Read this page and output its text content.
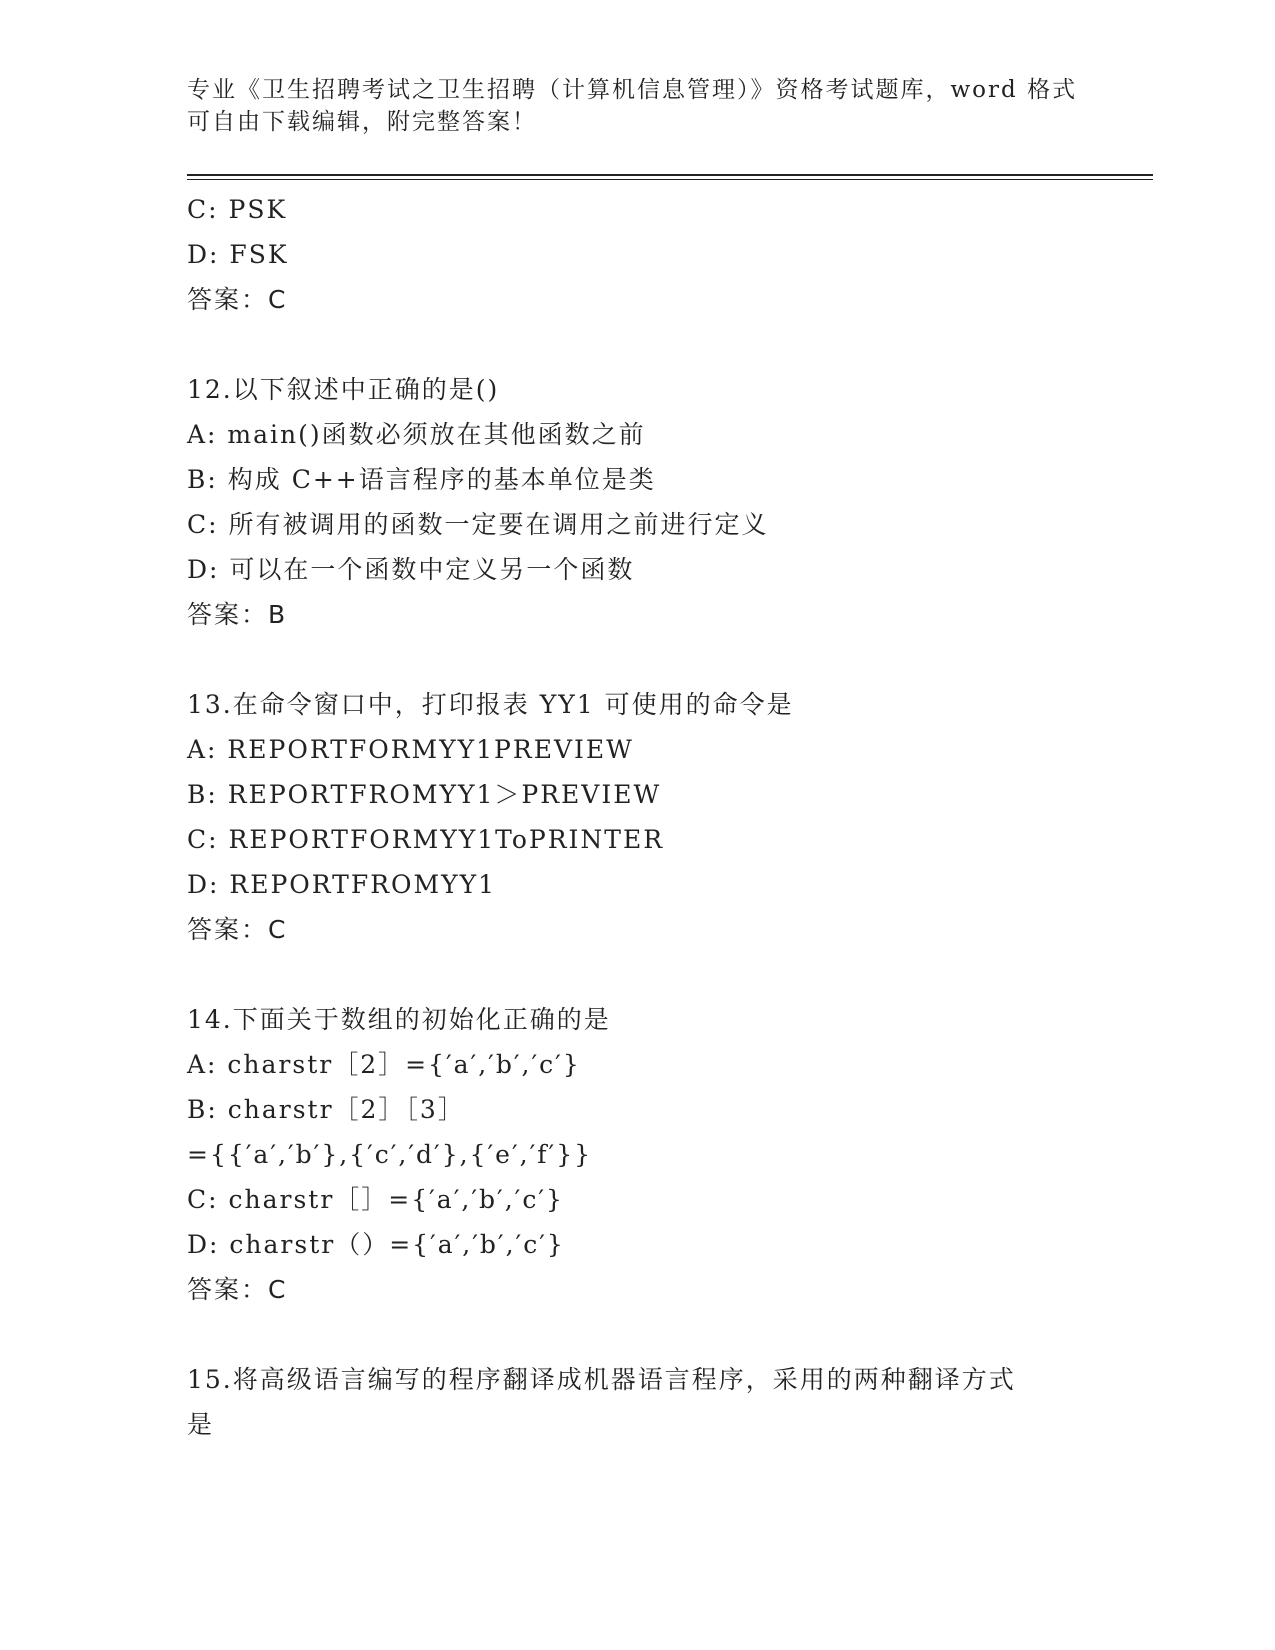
专业《卫生招聘考试之卫生招聘（计算机信息管理）》资格考试题库，word 格式
可自由下载编辑，附完整答案！
C: PSK
D: FSK
答案：C
12.以下叙述中正确的是()
A: main()函数必须放在其他函数之前
B: 构成 C++语言程序的基本单位是类
C: 所有被调用的函数一定要在调用之前进行定义
D: 可以在一个函数中定义另一个函数
答案：B
13.在命令窗口中，打印报表 YY1 可使用的命令是
A: REPORTFORMYY1PREVIEW
B: REPORTFROMYY1＞PREVIEW
C: REPORTFORMYY1ToPRINTER
D: REPORTFROMYY1
答案：C
14.下面关于数组的初始化正确的是
A: charstr［2］={′a′,′b′,′c′}
B: charstr［2］［3］
={{′a′,′b′},{′c′,′d′},{′e′,′f′}}
C: charstr［］={′a′,′b′,′c′}
D: charstr（）={′a′,′b′,′c′}
答案：C
15.将高级语言编写的程序翻译成机器语言程序，采用的两种翻译方式
是
